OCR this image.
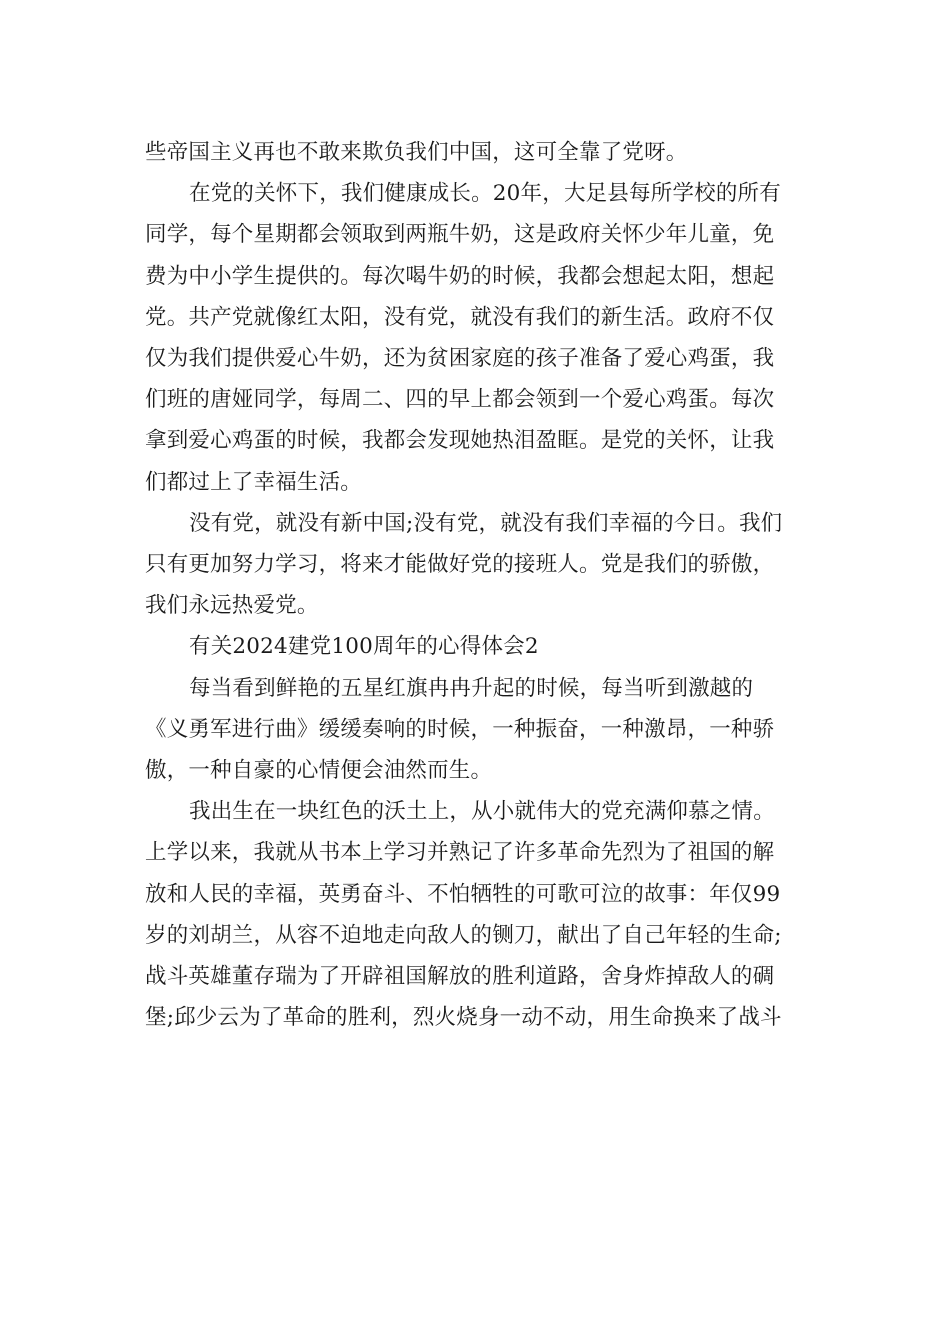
些帝国主义再也不敢来欺负我们中国，这可全靠了党呀。

在党的关怀下，我们健康成长。20年，大足县每所学校的所有
同学，每个星期都会领取到两瓶牛奶，这是政府关怀少年儿童，免
费为中小学生提供的。每次喝牛奶的时候，我都会想起太阳，想起
党。共产党就像红太阳，没有党，就没有我们的新生活。政府不仅
仅为我们提供爱心牛奶，还为贫困家庭的孩子准备了爱心鸡蛋，我
们班的唐娅同学，每周二、四的早上都会领到一个爱心鸡蛋。每次
拿到爱心鸡蛋的时候，我都会发现她热泪盈眶。是党的关怀，让我
们都过上了幸福生活。

没有党，就没有新中国;没有党，就没有我们幸福的今日。我们
只有更加努力学习，将来才能做好党的接班人。党是我们的骄傲，
我们永远热爱党。

有关2024建党100周年的心得体会2

每当看到鲜艳的五星红旗冉冉升起的时候，每当听到激越的
《义勇军进行曲》缓缓奏响的时候，一种振奋，一种激昂，一种骄
傲，一种自豪的心情便会油然而生。

我出生在一块红色的沃土上，从小就伟大的党充满仰慕之情。
上学以来，我就从书本上学习并熟记了许多革命先烈为了祖国的解
放和人民的幸福，英勇奋斗、不怕牺牲的可歌可泣的故事：年仅99
岁的刘胡兰，从容不迫地走向敌人的铡刀，献出了自己年轻的生命;
战斗英雄董存瑞为了开辟祖国解放的胜利道路，舍身炸掉敌人的碉
堡;邱少云为了革命的胜利，烈火烧身一动不动，用生命换来了战斗
